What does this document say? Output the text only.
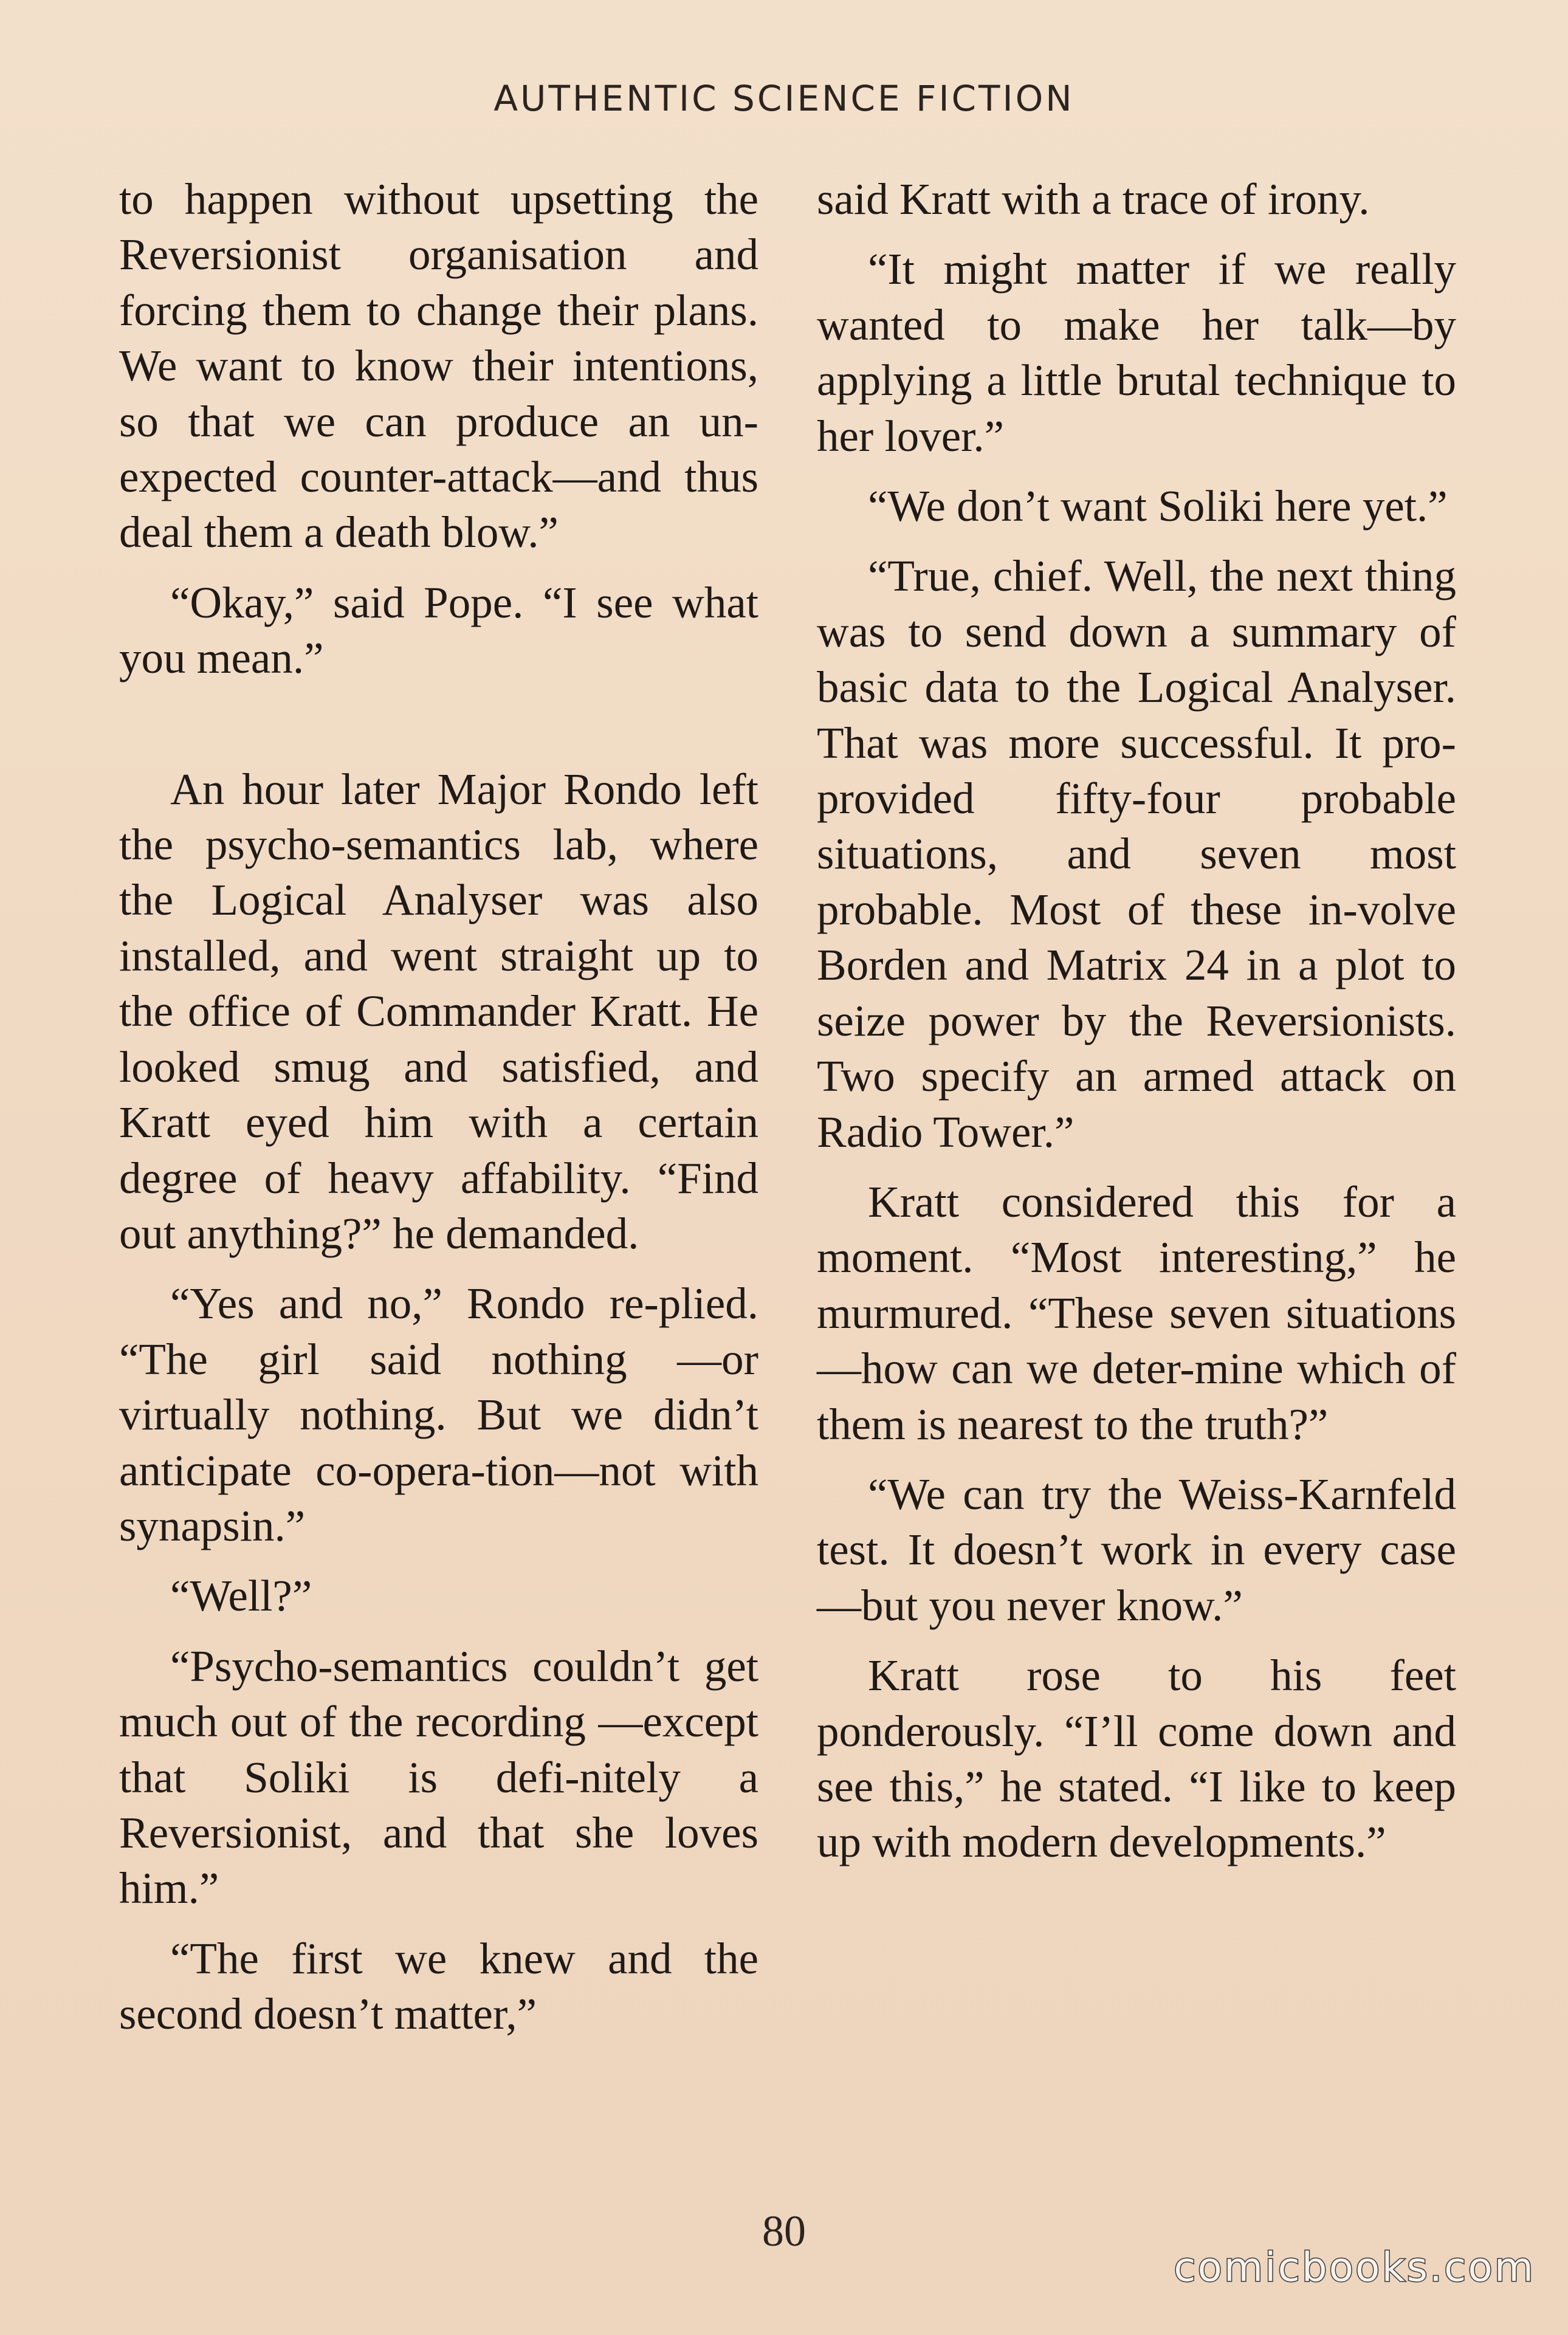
AUTHENTIC SCIENCE FICTION

to happen without upsetting the Reversionist organisation and forcing them to change their plans. We want to know their intentions, so that we can produce an un-expected counter-attack—and thus deal them a death blow.”

“Okay,” said Pope. “I see what you mean.”

An hour later Major Rondo left the psycho-semantics lab, where the Logical Analyser was also installed, and went straight up to the office of Commander Kratt. He looked smug and satisfied, and Kratt eyed him with a certain degree of heavy affability. “Find out anything?” he demanded.

“Yes and no,” Rondo re-plied. “The girl said nothing —or virtually nothing. But we didn’t anticipate co-opera-tion—not with synapsin.”

“Well?”

“Psycho-semantics couldn’t get much out of the recording —except that Soliki is defi-nitely a Reversionist, and that she loves him.”

“The first we knew and the second doesn’t matter,”

said Kratt with a trace of irony.

“It might matter if we really wanted to make her talk—by applying a little brutal technique to her lover.”

“We don’t want Soliki here yet.”

“True, chief. Well, the next thing was to send down a summary of basic data to the Logical Analyser. That was more successful. It pro-provided fifty-four probable situations, and seven most probable. Most of these in-volve Borden and Matrix 24 in a plot to seize power by the Reversionists. Two specify an armed attack on Radio Tower.”

Kratt considered this for a moment. “Most interesting,” he murmured. “These seven situations—how can we deter-mine which of them is nearest to the truth?”

“We can try the Weiss-Karnfeld test. It doesn’t work in every case—but you never know.”

Kratt rose to his feet ponderously. “I’ll come down and see this,” he stated. “I like to keep up with modern developments.”

80
comicbooks.com
